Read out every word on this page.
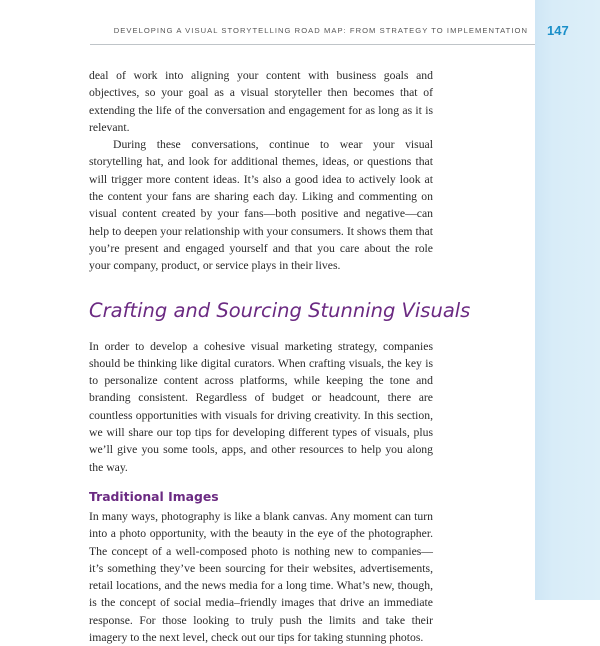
DEVELOPING A VISUAL STORYTELLING ROAD MAP: FROM STRATEGY TO IMPLEMENTATION 147

deal of work into aligning your content with business goals and objectives, so your goal as a visual storyteller then becomes that of extending the life of the conversation and engagement for as long as it is relevant.

During these conversations, continue to wear your visual storytelling hat, and look for additional themes, ideas, or questions that will trigger more content ideas. It’s also a good idea to actively look at the content your fans are sharing each day. Liking and commenting on visual content created by your fans—both positive and negative—can help to deepen your relationship with your consumers. It shows them that you’re present and engaged yourself and that you care about the role your company, product, or service plays in their lives.

Crafting and Sourcing Stunning Visuals

In order to develop a cohesive visual marketing strategy, companies should be thinking like digital curators. When crafting visuals, the key is to personalize content across platforms, while keeping the tone and branding consistent. Regardless of budget or headcount, there are countless opportunities with visuals for driving creativity. In this section, we will share our top tips for developing different types of visuals, plus we’ll give you some tools, apps, and other resources to help you along the way.

Traditional Images

In many ways, photography is like a blank canvas. Any moment can turn into a photo opportunity, with the beauty in the eye of the photographer. The concept of a well-composed photo is nothing new to companies—it’s something they’ve been sourcing for their websites, advertisements, retail locations, and the news media for a long time. What’s new, though, is the concept of social media–friendly images that drive an immediate response. For those looking to truly push the limits and take their imagery to the next level, check out our tips for taking stunning photos.
